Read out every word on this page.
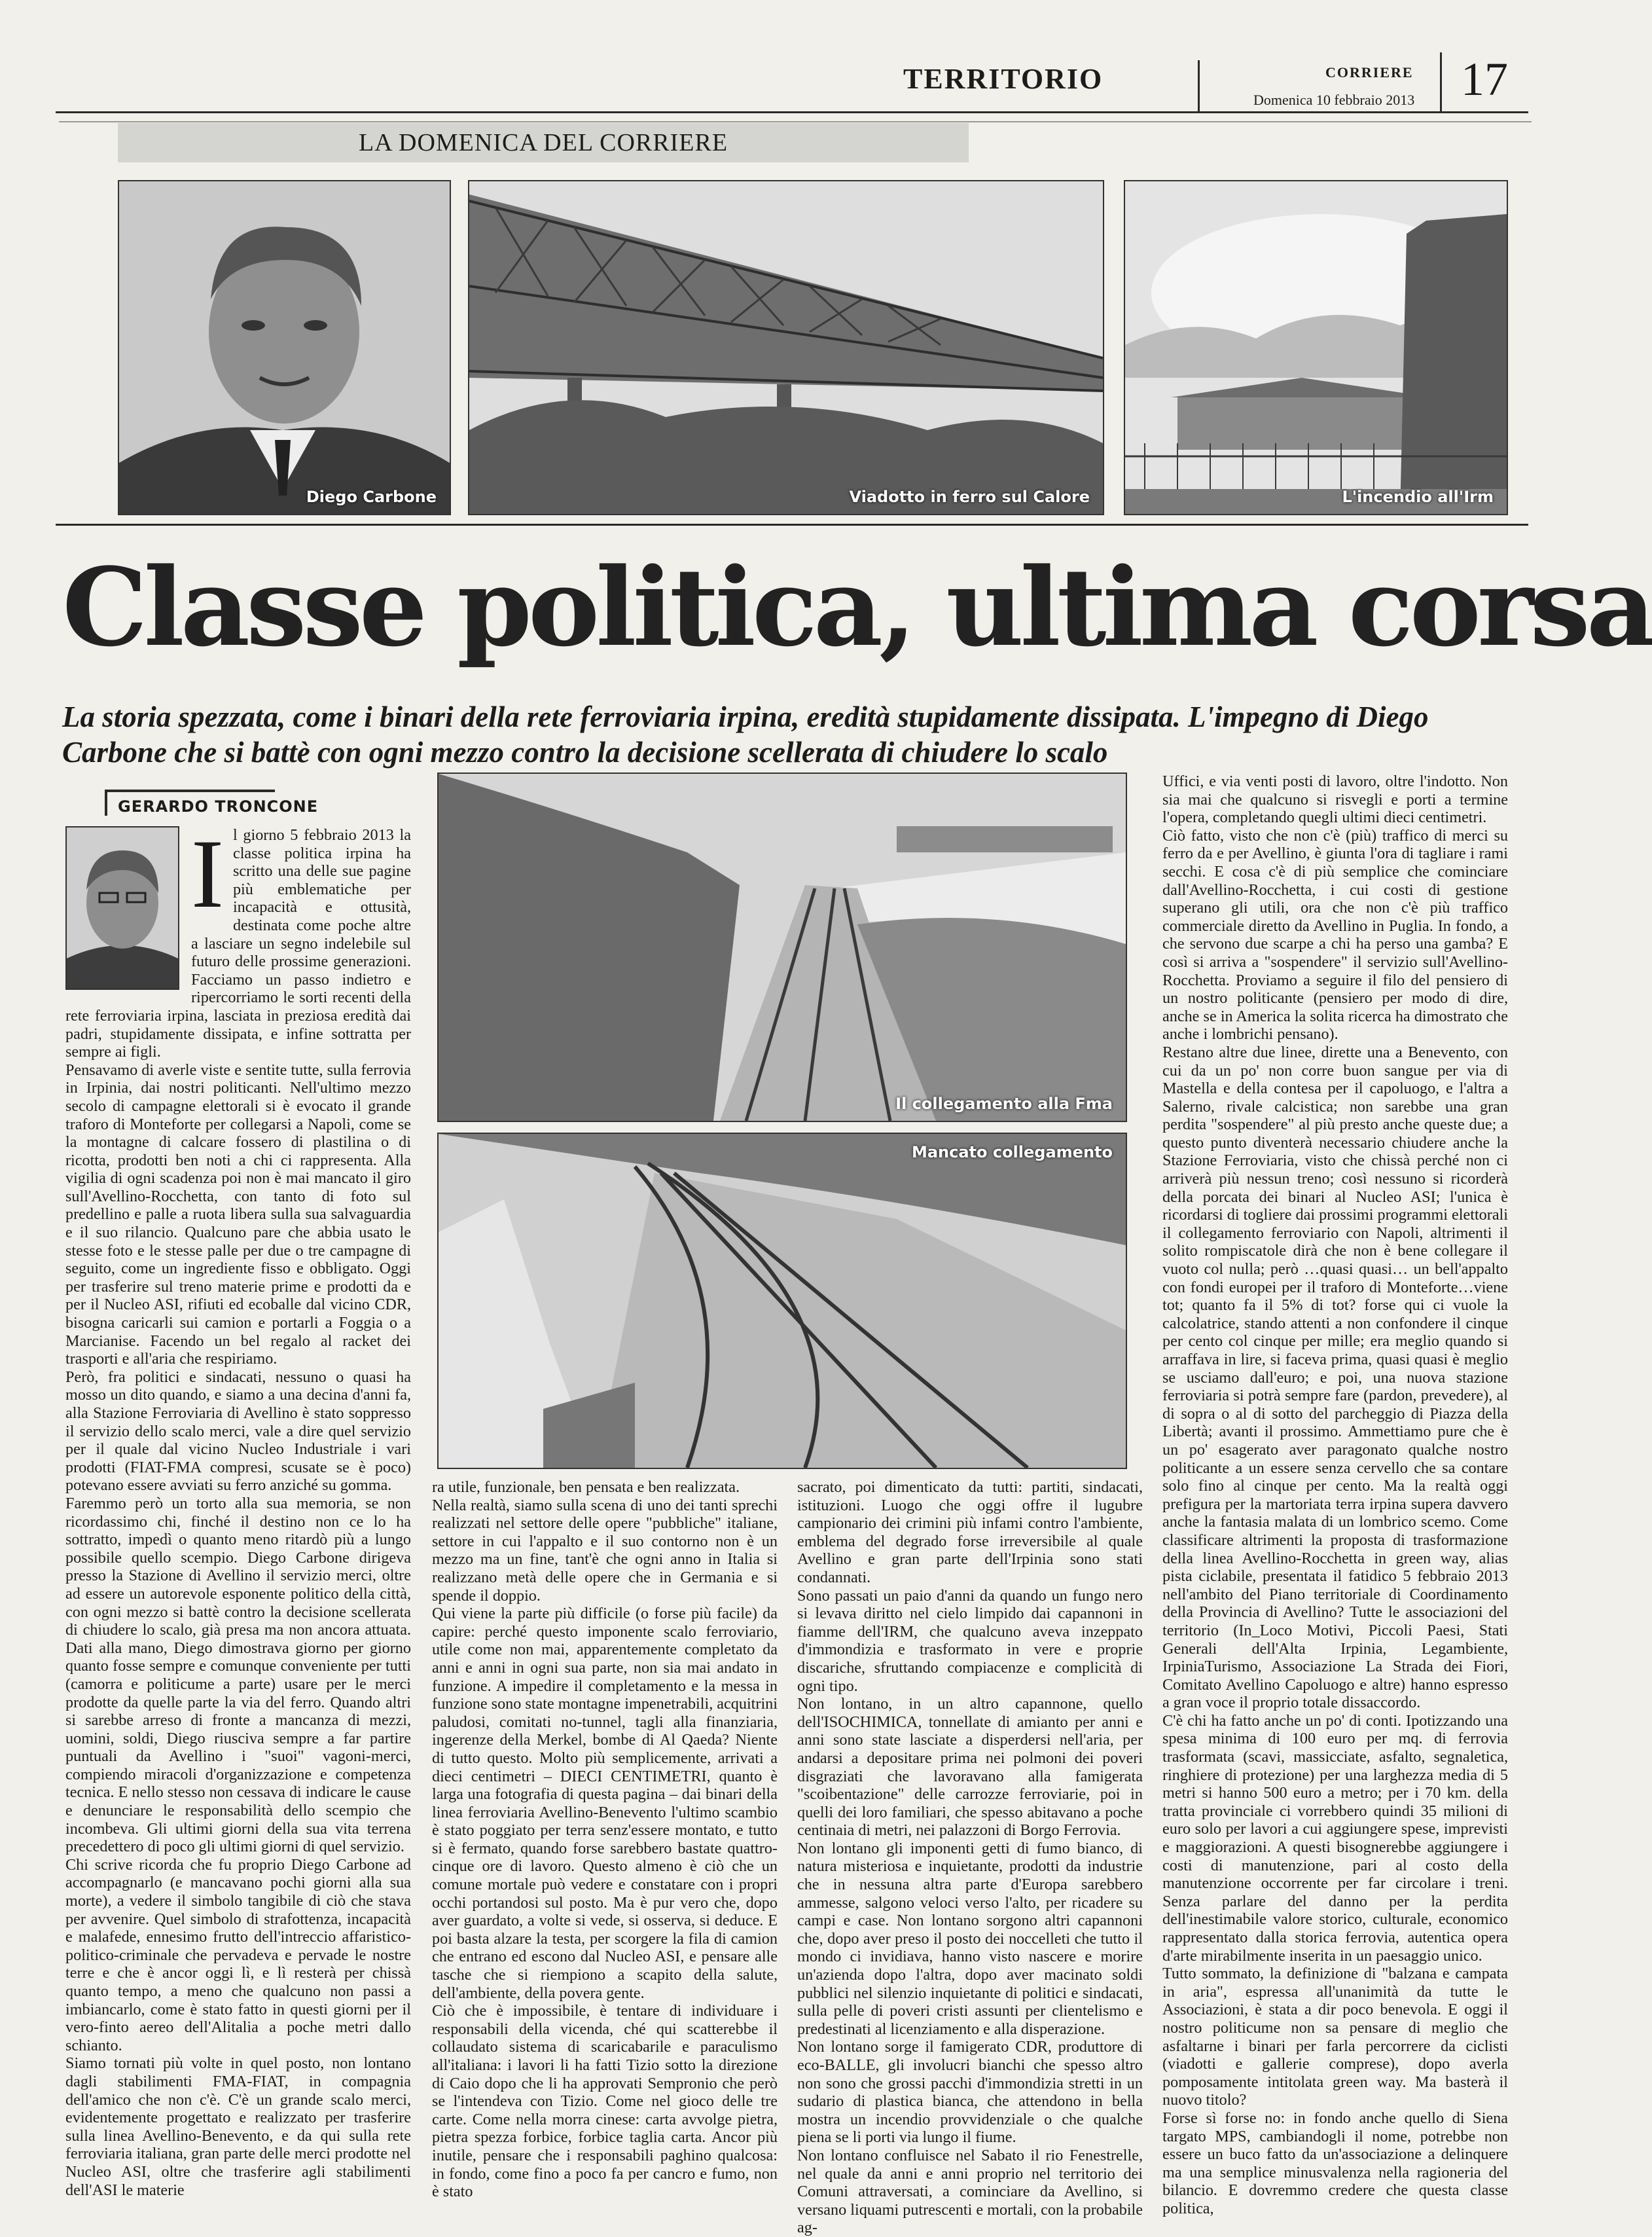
TERRITORIO	CORRIERE
Domenica 10 febbraio 2013 17
LA DOMENICA DEL CORRIERE
Diego Carbone	Viadotto in ferro sul Calore	L'incendio all'Irm
Classe politica, ultima corsa
La storia spezzata, come i binari della rete ferroviaria irpina, eredità stupidamente dissipata. L'impegno di Diego Carbone che si battè con ogni mezzo contro la decisione scellerata di chiudere lo scalo
GERARDO TRONCONE
I l giorno 5 febbraio 2013 la classe politica irpina ha scritto una delle sue pagine più emblematiche per incapacità e ottusità, destinata come poche altre a lasciare un segno indelebile sul futuro delle prossime generazioni. Facciamo un passo indietro e ripercorriamo le sorti recenti della rete ferroviaria irpina, lasciata in preziosa eredità dai padri, stupidamente dissipata, e infine sottratta per sempre ai figli.

Pensavamo di averle viste e sentite tutte, sulla ferrovia in Irpinia, dai nostri politicanti. Nell'ultimo mezzo secolo di campagne elettorali si è evocato il grande traforo di Monteforte per collegarsi a Napoli, come se la montagne di calcare fossero di plastilina o di ricotta, prodotti ben noti a chi ci rappresenta. Alla vigilia di ogni scadenza poi non è mai mancato il giro sull'Avellino-Rocchetta, con tanto di foto sul predellino e palle a ruota libera sulla sua salvaguardia e il suo rilancio. Qualcuno pare che abbia usato le stesse foto e le stesse palle per due o tre campagne di seguito, come un ingrediente fisso e obbligato. Oggi per trasferire sul treno materie prime e prodotti da e per il Nucleo ASI, rifiuti ed ecoballe dal vicino CDR, bisogna caricarli sui camion e portarli a Foggia o a Marcianise. Facendo un bel regalo al racket dei trasporti e all'aria che respiriamo.

Però, fra politici e sindacati, nessuno o quasi ha mosso un dito quando, e siamo a una decina d'anni fa, alla Stazione Ferroviaria di Avellino è stato soppresso il servizio dello scalo merci, vale a dire quel servizio per il quale dal vicino Nucleo Industriale i vari prodotti (FIAT-FMA compresi, scusate se è poco) potevano essere avviati su ferro anziché su gomma.

Faremmo però un torto alla sua memoria, se non ricordassimo chi, finché il destino non ce lo ha sottratto, impedì o quanto meno ritardò più a lungo possibile quello scempio. Diego Carbone dirigeva presso la Stazione di Avellino il servizio merci, oltre ad essere un autorevole esponente politico della città, con ogni mezzo si battè contro la decisione scellerata di chiudere lo scalo, già presa ma non ancora attuata. Dati alla mano, Diego dimostrava giorno per giorno quanto fosse sempre e comunque conveniente per tutti (camorra e politicume a parte) usare per le merci prodotte da quelle parte la via del ferro. Quando altri si sarebbe arreso di fronte a mancanza di mezzi, uomini, soldi, Diego riusciva sempre a far partire puntuali da Avellino i "suoi" vagoni-merci, compiendo miracoli d'organizzazione e competenza tecnica. E nello stesso non cessava di indicare le cause e denunciare le responsabilità dello scempio che incombeva. Gli ultimi giorni della sua vita terrena precedettero di poco gli ultimi giorni di quel servizio.

Chi scrive ricorda che fu proprio Diego Carbone ad accompagnarlo (e mancavano pochi giorni alla sua morte), a vedere il simbolo tangibile di ciò che stava per avvenire. Quel simbolo di strafottenza, incapacità e malafede, ennesimo frutto dell'intreccio affaristico-politico-criminale che pervadeva e pervade le nostre terre e che è ancor oggi lì, e lì resterà per chissà quanto tempo, a meno che qualcuno non passi a imbiancarlo, come è stato fatto in questi giorni per il vero-finto aereo dell'Alitalia a poche metri dallo schianto.

Siamo tornati più volte in quel posto, non lontano dagli stabilimenti FMA-FIAT, in compagnia dell'amico che non c'è. C'è un grande scalo merci, evidentemente progettato e realizzato per trasferire sulla linea Avellino-Benevento, e da qui sulla rete ferroviaria italiana, gran parte delle merci prodotte nel Nucleo ASI, oltre che trasferire agli stabilimenti dell'ASI le materie

Il collegamento alla Fma
Mancato collegamento

ra utile, funzionale, ben pensata e ben realizzata.

Nella realtà, siamo sulla scena di uno dei tanti sprechi realizzati nel settore delle opere "pubbliche" italiane, settore in cui l'appalto e il suo contorno non è un mezzo ma un fine, tant'è che ogni anno in Italia si realizzano metà delle opere che in Germania e si spende il doppio.

Qui viene la parte più difficile (o forse più facile) da capire: perché questo imponente scalo ferroviario, utile come non mai, apparentemente completato da anni e anni in ogni sua parte, non sia mai andato in funzione. A impedire il completamento e la messa in funzione sono state montagne impenetrabili, acquitrini paludosi, comitati no-tunnel, tagli alla finanziaria, ingerenze della Merkel, bombe di Al Qaeda? Niente di tutto questo. Molto più semplicemente, arrivati a dieci centimetri – DIECI CENTIMETRI, quanto è larga una fotografia di questa pagina – dai binari della linea ferroviaria Avellino-Benevento l'ultimo scambio è stato poggiato per terra senz'essere montato, e tutto si è fermato, quando forse sarebbero bastate quattro-cinque ore di lavoro. Questo almeno è ciò che un comune mortale può vedere e constatare con i propri occhi portandosi sul posto. Ma è pur vero che, dopo aver guardato, a volte si vede, si osserva, si deduce. E poi basta alzare la testa, per scorgere la fila di camion che entrano ed escono dal Nucleo ASI, e pensare alle tasche che si riempiono a scapito della salute, dell'ambiente, della povera gente.

Ciò che è impossibile, è tentare di individuare i responsabili della vicenda, ché qui scatterebbe il collaudato sistema di scaricabarile e paraculismo all'italiana: i lavori li ha fatti Tizio sotto la direzione di Caio dopo che li ha approvati Sempronio che però se l'intendeva con Tizio. Come nel gioco delle tre carte. Come nella morra cinese: carta avvolge pietra, pietra spezza forbice, forbice taglia carta. Ancor più inutile, pensare che i responsabili paghino qualcosa: in fondo, come fino a poco fa per cancro e fumo, non è stato

sacrato, poi dimenticato da tutti: partiti, sindacati, istituzioni. Luogo che oggi offre il lugubre campionario dei crimini più infami contro l'ambiente, emblema del degrado forse irreversibile al quale Avellino e gran parte dell'Irpinia sono stati condannati.

Sono passati un paio d'anni da quando un fungo nero si levava diritto nel cielo limpido dai capannoni in fiamme dell'IRM, che qualcuno aveva inzeppato d'immondizia e trasformato in vere e proprie discariche, sfruttando compiacenze e complicità di ogni tipo.

Non lontano, in un altro capannone, quello dell'ISOCHIMICA, tonnellate di amianto per anni e anni sono state lasciate a disperdersi nell'aria, per andarsi a depositare prima nei polmoni dei poveri disgraziati che lavoravano alla famigerata "scoibentazione" delle carrozze ferroviarie, poi in quelli dei loro familiari, che spesso abitavano a poche centinaia di metri, nei palazzoni di Borgo Ferrovia.

Non lontano gli imponenti getti di fumo bianco, di natura misteriosa e inquietante, prodotti da industrie che in nessuna altra parte d'Europa sarebbero ammesse, salgono veloci verso l'alto, per ricadere su campi e case. Non lontano sorgono altri capannoni che, dopo aver preso il posto dei noccelleti che tutto il mondo ci invidiava, hanno visto nascere e morire un'azienda dopo l'altra, dopo aver macinato soldi pubblici nel silenzio inquietante di politici e sindacati, sulla pelle di poveri cristi assunti per clientelismo e predestinati al licenziamento e alla disperazione.

Non lontano sorge il famigerato CDR, produttore di eco-BALLE, gli involucri bianchi che spesso altro non sono che grossi pacchi d'immondizia stretti in un sudario di plastica bianca, che attendono in bella mostra un incendio provvidenziale o che qualche piena se li porti via lungo il fiume.

Non lontano confluisce nel Sabato il rio Fenestrelle, nel quale da anni e anni proprio nel territorio dei Comuni attraversati, a cominciare da Avellino, si versano liquami putrescenti e mortali, con la probabile ag-

Uffici, e via venti posti di lavoro, oltre l'indotto. Non sia mai che qualcuno si risvegli e porti a termine l'opera, completando quegli ultimi dieci centimetri.

Ciò fatto, visto che non c'è (più) traffico di merci su ferro da e per Avellino, è giunta l'ora di tagliare i rami secchi. E cosa c'è di più semplice che cominciare dall'Avellino-Rocchetta, i cui costi di gestione superano gli utili, ora che non c'è più traffico commerciale diretto da Avellino in Puglia. In fondo, a che servono due scarpe a chi ha perso una gamba? E così si arriva a "sospendere" il servizio sull'Avellino-Rocchetta. Proviamo a seguire il filo del pensiero di un nostro politicante (pensiero per modo di dire, anche se in America la solita ricerca ha dimostrato che anche i lombrichi pensano).

Restano altre due linee, dirette una a Benevento, con cui da un po' non corre buon sangue per via di Mastella e della contesa per il capoluogo, e l'altra a Salerno, rivale calcistica; non sarebbe una gran perdita "sospendere" al più presto anche queste due; a questo punto diventerà necessario chiudere anche la Stazione Ferroviaria, visto che chissà perché non ci arriverà più nessun treno; così nessuno si ricorderà della porcata dei binari al Nucleo ASI; l'unica è ricordarsi di togliere dai prossimi programmi elettorali il collegamento ferroviario con Napoli, altrimenti il solito rompiscatole dirà che non è bene collegare il vuoto col nulla; però …quasi quasi… un bell'appalto con fondi europei per il traforo di Monteforte…viene tot; quanto fa il 5% di tot? forse qui ci vuole la calcolatrice, stando attenti a non confondere il cinque per cento col cinque per mille; era meglio quando si arraffava in lire, si faceva prima, quasi quasi è meglio se usciamo dall'euro; e poi, una nuova stazione ferroviaria si potrà sempre fare (pardon, prevedere), al di sopra o al di sotto del parcheggio di Piazza della Libertà; avanti il prossimo. Ammettiamo pure che è un po' esagerato aver paragonato qualche nostro politicante a un essere senza cervello che sa contare solo fino al cinque per cento. Ma la realtà oggi prefigura per la martoriata terra irpina supera davvero anche la fantasia malata di un lombrico scemo. Come classificare altrimenti la proposta di trasformazione della linea Avellino-Rocchetta in green way, alias pista ciclabile, presentata il fatidico 5 febbraio 2013 nell'ambito del Piano territoriale di Coordinamento della Provincia di Avellino? Tutte le associazioni del territorio (In_Loco Motivi, Piccoli Paesi, Stati Generali dell'Alta Irpinia, Legambiente, IrpiniaTurismo, Associazione La Strada dei Fiori, Comitato Avellino Capoluogo e altre) hanno espresso a gran voce il proprio totale dissaccordo.

C'è chi ha fatto anche un po' di conti. Ipotizzando una spesa minima di 100 euro per mq. di ferrovia trasformata (scavi, massicciate, asfalto, segnaletica, ringhiere di protezione) per una larghezza media di 5 metri si hanno 500 euro a metro; per i 70 km. della tratta provinciale ci vorrebbero quindi 35 milioni di euro solo per lavori a cui aggiungere spese, imprevisti e maggiorazioni. A questi bisognerebbe aggiungere i costi di manutenzione, pari al costo della manutenzione occorrente per far circolare i treni. Senza parlare del danno per la perdita dell'inestimabile valore storico, culturale, economico rappresentato dalla storica ferrovia, autentica opera d'arte mirabilmente inserita in un paesaggio unico.

Tutto sommato, la definizione di "balzana e campata in aria", espressa all'unanimità da tutte le Associazioni, è stata a dir poco benevola. E oggi il nostro politicume non sa pensare di meglio che asfaltarne i binari per farla percorrere da ciclisti (viadotti e gallerie comprese), dopo averla pomposamente intitolata green way. Ma basterà il nuovo titolo?

Forse sì forse no: in fondo anche quello di Siena targato MPS, cambiandogli il nome, potrebbe non essere un buco fatto da un'associazione a delinquere ma una semplice minusvalenza nella ragioneria del bilancio. E dovremmo credere che questa classe politica,
